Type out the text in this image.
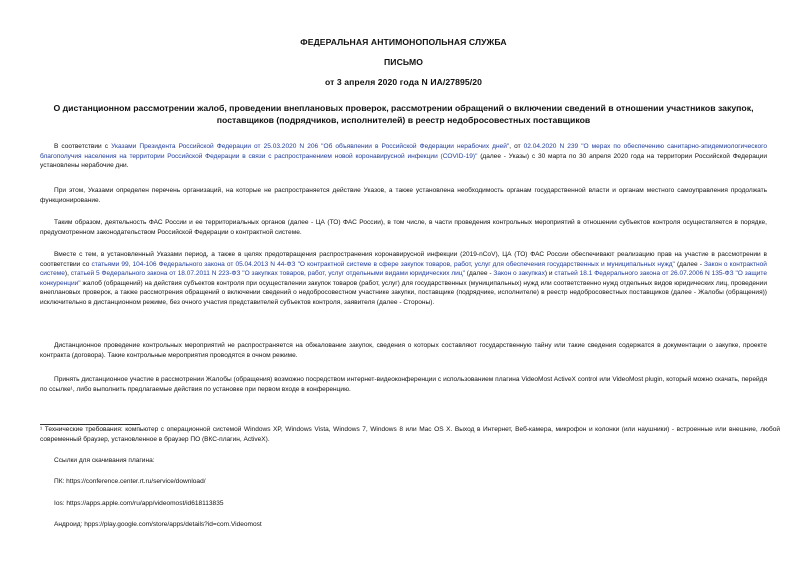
ФЕДЕРАЛЬНАЯ АНТИМОНОПОЛЬНАЯ СЛУЖБА
ПИСЬМО
от 3 апреля 2020 года N ИА/27895/20
О дистанционном рассмотрении жалоб, проведении внеплановых проверок, рассмотрении обращений о включении сведений в отношении участников закупок, поставщиков (подрядчиков, исполнителей) в реестр недобросовестных поставщиков

В соответствии с Указами Президента Российской Федерации от 25.03.2020 N 206 "Об объявлении в Российской Федерации нерабочих дней", от 02.04.2020 N 239 "О мерах по обеспечению санитарно-эпидемиологического благополучия населения на территории Российской Федерации в связи с распространением новой коронавирусной инфекции (COVID-19)" (далее - Указы) с 30 марта по 30 апреля 2020 года на территории Российской Федерации установлены нерабочие дни.

При этом, Указами определен перечень организаций, на которые не распространяется действие Указов, а также установлена необходимость органам государственной власти и органам местного самоуправления продолжать функционирование.

Таким образом, деятельность ФАС России и ее территориальных органов (далее - ЦА (ТО) ФАС России), в том числе, в части проведения контрольных мероприятий в отношении субъектов контроля осуществляется в порядке, предусмотренном законодательством Российской Федерации о контрактной системе.

Вместе с тем, в установленный Указами период, а также в целях предотвращения распространения коронавирусной инфекции (2019-nCoV), ЦА (ТО) ФАС России обеспечивают реализацию прав на участие в рассмотрении в соответствии со статьями 99, 104-106 Федерального закона от 05.04.2013 N 44-ФЗ "О контрактной системе в сфере закупок товаров, работ, услуг для обеспечения государственных и муниципальных нужд" (далее - Закон о контрактной системе), статьей 5 Федерального закона от 18.07.2011 N 223-ФЗ "О закупках товаров, работ, услуг отдельными видами юридических лиц" (далее - Закон о закупках) и статьей 18.1 Федерального закона от 26.07.2006 N 135-ФЗ "О защите конкуренции" жалоб (обращений) на действия субъектов контроля при осуществлении закупок товаров (работ, услуг) для государственных (муниципальных) нужд или соответственно нужд отдельных видов юридических лиц, проведении внеплановых проверок, а также рассмотрения обращений о включении сведений о недобросовестном участнике закупки, поставщике (подрядчике, исполнителе) в реестр недобросовестных поставщиков (далее - Жалобы (обращения)) исключительно в дистанционном режиме, без очного участия представителей субъектов контроля, заявителя (далее - Стороны).

Дистанционное проведение контрольных мероприятий не распространяется на обжалование закупок, сведения о которых составляют государственную тайну или такие сведения содержатся в документации о закупке, проекте контракта (договора). Такие контрольные мероприятия проводятся в очном режиме.

Принять дистанционное участие в рассмотрении Жалобы (обращения) возможно посредством интернет-видеоконференции с использованием плагина VideoMost ActiveX control или VideoMost plugin, который можно скачать, перейдя по ссылке¹, либо выполнить предлагаемые действия по установке при первом входе в конференцию.

¹ Технические требования: компьютер с операционной системой Windows XP, Windows Vista, Windows 7, Windows 8 или Mac OS X. Выход в Интернет, Веб-камера, микрофон и колонки (или наушники) - встроенные или внешние, любой современный браузер, установленное в браузер ПО (ВКС-плагин, ActiveX).

Ссылки для скачивания плагина:
ПК: https://conference.center.rt.ru/service/download/
Ios: https://apps.apple.com/ru/app/videomost/id618113835
Андроид: hpps://play.google.com/store/apps/details?id=com.Videomost
